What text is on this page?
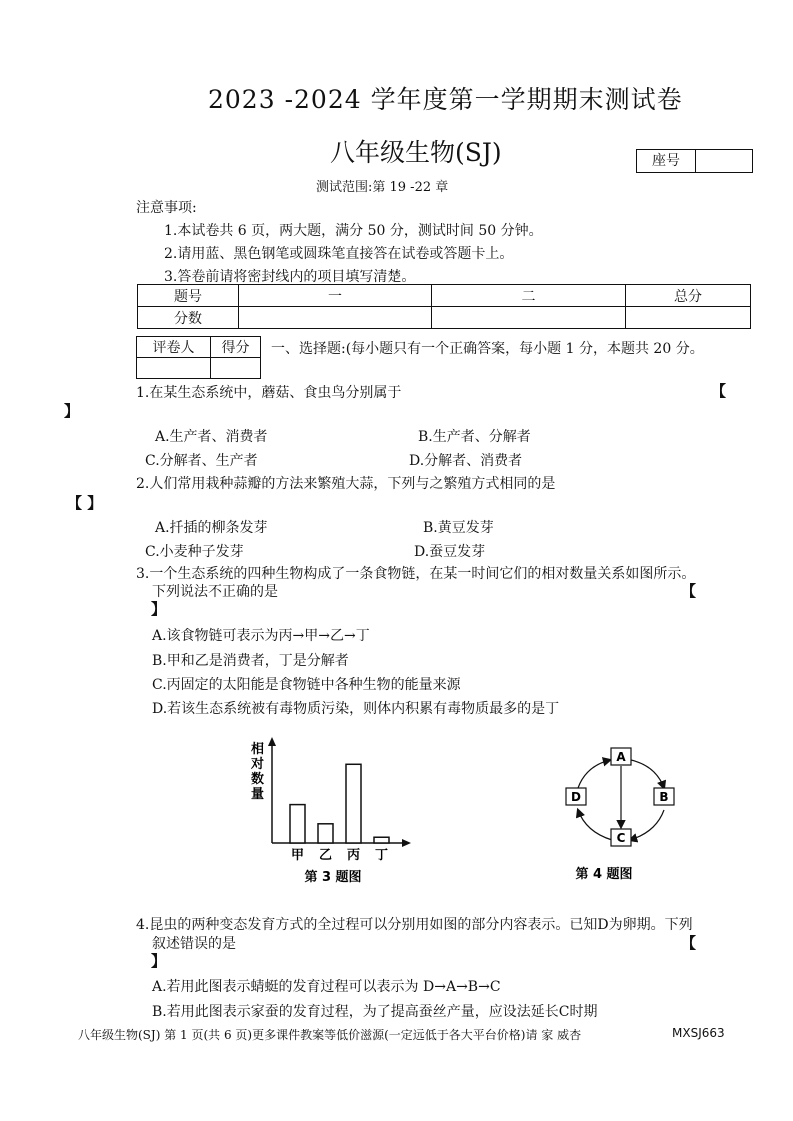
2023 -2024 学年度第一学期期末测试卷
八年级生物(SJ)	座号
测试范围:第 19 -22 章
注意事项:
1.本试卷共 6 页，两大题，满分 50 分，测试时间 50 分钟。
2.请用蓝、黑色钢笔或圆珠笔直接答在试卷或答题卡上。
3.答卷前请将密封线内的项目填写清楚。
题号	一	二	总分
分数			
评卷人	得分
	一、选择题:(每小题只有一个正确答案，每小题 1 分，本题共 20 分。
1.在某生态系统中，蘑菇、食虫鸟分别属于	【
】
A.生产者、消费者	B.生产者、分解者
C.分解者、生产者	D.分解者、消费者
2.人们常用栽种蒜瓣的方法来繁殖大蒜，下列与之繁殖方式相同的是
【 】
A.扦插的柳条发芽	B.黄豆发芽
C.小麦种子发芽	D.蚕豆发芽
3.一个生态系统的四种生物构成了一条食物链，在某一时间它们的相对数量关系如图所示。
下列说法不正确的是	【
】
A.该食物链可表示为丙→甲→乙→丁
B.甲和乙是消费者，丁是分解者
C.丙固定的太阳能是食物链中各种生物的能量来源
D.若该生态系统被有毒物质污染，则体内积累有毒物质最多的是丁
相
对
数
量
甲 乙 丙 丁
第 3 题图
A
B
C
D
第 4 题图
4.昆虫的两种变态发育方式的全过程可以分别用如图的部分内容表示。已知D为卵期。下列
叙述错误的是	【
】
A.若用此图表示蜻蜓的发育过程可以表示为 D→A→B→C
B.若用此图表示家蚕的发育过程，为了提高蚕丝产量，应设法延长C时期
八年级生物(SJ) 第 1 页(共 6 页)更多课件教案等低价滋源(一定远低于各大平台价格)请 家 威杏	MXSJ663
